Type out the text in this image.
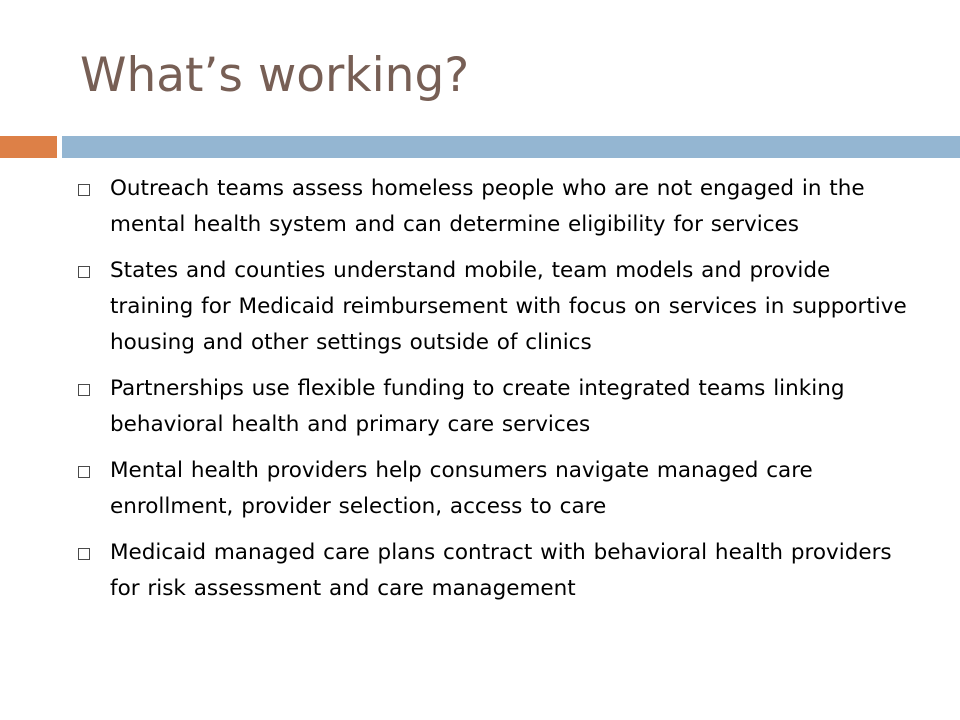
What’s working?
Outreach teams assess homeless people who are not engaged in the mental health system and can determine eligibility for services
States and counties understand mobile, team models and provide training for Medicaid reimbursement with focus on services in supportive housing and other settings outside of clinics
Partnerships use flexible funding to create integrated teams linking behavioral health and primary care services
Mental health providers help consumers navigate managed care enrollment, provider selection, access to care
Medicaid managed care plans contract with behavioral health providers for risk assessment and care management
